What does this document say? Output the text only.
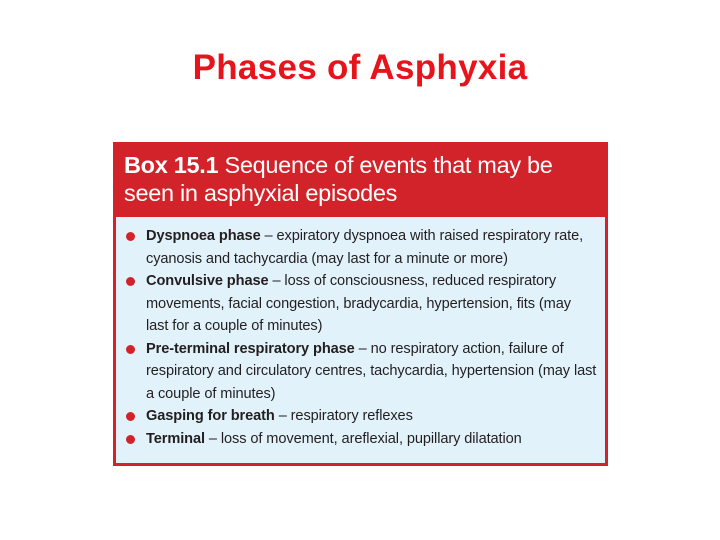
Phases of Asphyxia
Box 15.1 Sequence of events that may be seen in asphyxial episodes
Dyspnoea phase – expiratory dyspnoea with raised respiratory rate, cyanosis and tachycardia (may last for a minute or more)
Convulsive phase – loss of consciousness, reduced respiratory movements, facial congestion, bradycardia, hypertension, fits (may last for a couple of minutes)
Pre-terminal respiratory phase – no respiratory action, failure of respiratory and circulatory centres, tachycardia, hypertension (may last a couple of minutes)
Gasping for breath – respiratory reflexes
Terminal – loss of movement, areflexial, pupillary dilatation
